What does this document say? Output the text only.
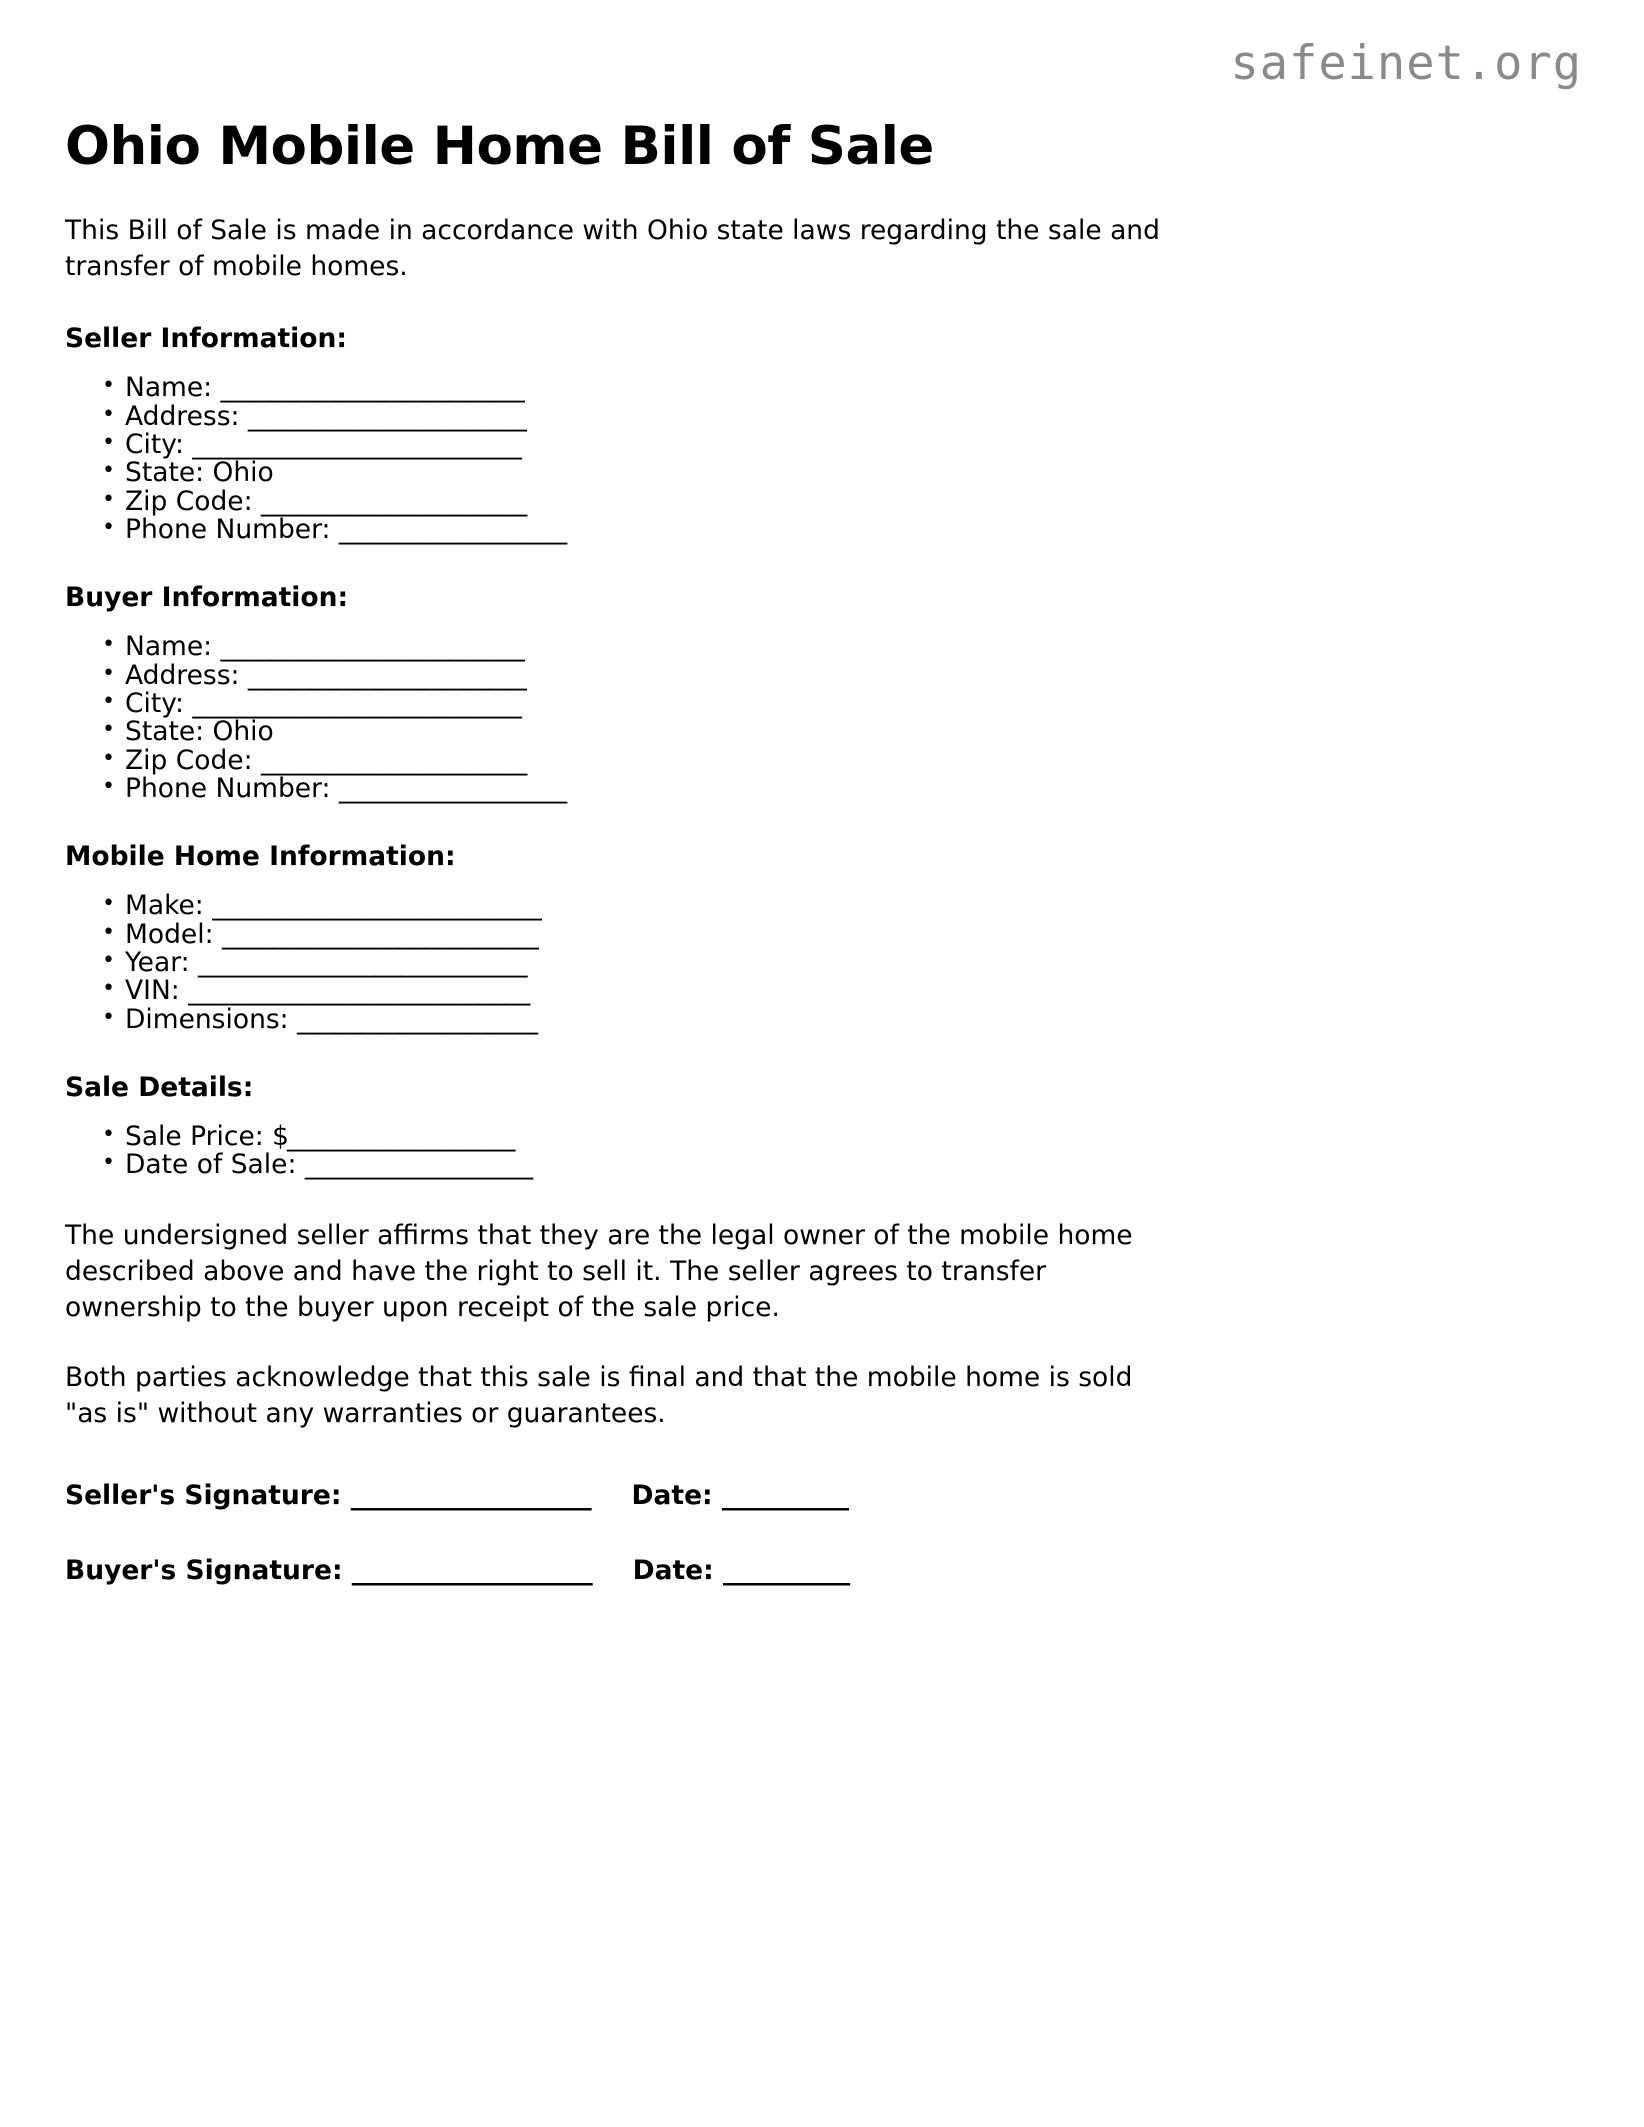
safeinet.org
Ohio Mobile Home Bill of Sale

This Bill of Sale is made in accordance with Ohio state laws regarding the sale and transfer of mobile homes.

Seller Information:
• Name: ________________________
• Address: ______________________
• City: __________________________
• State: Ohio
• Zip Code: _____________________
• Phone Number: __________________
Buyer Information:
• Name: ________________________
• Address: ______________________
• City: __________________________
• State: Ohio
• Zip Code: _____________________
• Phone Number: __________________
Mobile Home Information:
• Make: __________________________
• Model: _________________________
• Year: __________________________
• VIN: ___________________________
• Dimensions: ___________________
Sale Details:
• Sale Price: $__________________
• Date of Sale: __________________

The undersigned seller affirms that they are the legal owner of the mobile home described above and have the right to sell it. The seller agrees to transfer ownership to the buyer upon receipt of the sale price.

Both parties acknowledge that this sale is final and that the mobile home is sold "as is" without any warranties or guarantees.

Seller's Signature: ___________________ Date: __________

Buyer's Signature: ___________________ Date: __________
